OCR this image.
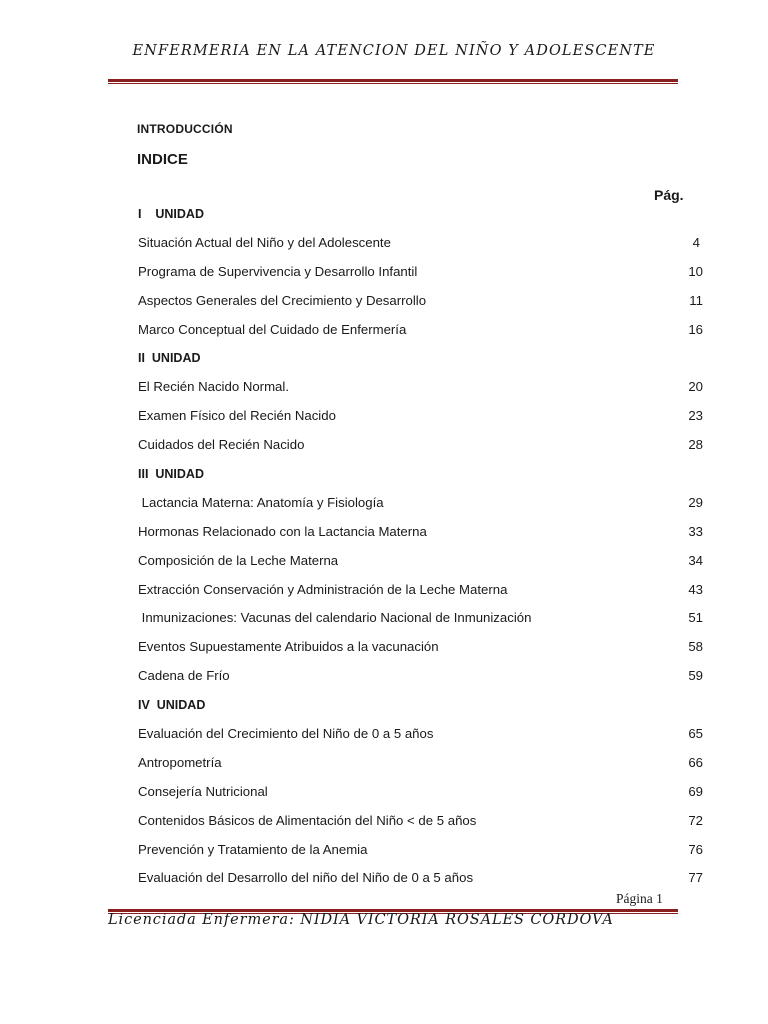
ENFERMERIA EN LA ATENCION DEL NIÑO Y ADOLESCENTE
INTRODUCCIÓN
INDICE
Pág.
I    UNIDAD
Situación Actual del Niño y del Adolescente	4
Programa de Supervivencia y Desarrollo Infantil	10
Aspectos Generales del Crecimiento y Desarrollo	11
Marco Conceptual del Cuidado de Enfermería	16
II  UNIDAD
El Recién Nacido Normal.	20
Examen Físico del Recién Nacido	23
Cuidados del Recién Nacido	28
III  UNIDAD
Lactancia Materna: Anatomía y Fisiología	29
Hormonas Relacionado con la Lactancia Materna	33
Composición de la Leche Materna	34
Extracción Conservación y Administración de la Leche Materna	43
Inmunizaciones: Vacunas del calendario Nacional de Inmunización	51
Eventos Supuestamente Atribuidos a la vacunación	58
Cadena de Frío	59
IV  UNIDAD
Evaluación del Crecimiento del Niño de 0 a 5 años	65
Antropometría	66
Consejería Nutricional	69
Contenidos Básicos de Alimentación del Niño < de 5 años	72
Prevención y Tratamiento de la Anemia	76
Evaluación del Desarrollo del niño del Niño de 0 a 5 años	77
Página 1
Licenciada Enfermera: NIDIA VICTORIA ROSALES CORDOVA
